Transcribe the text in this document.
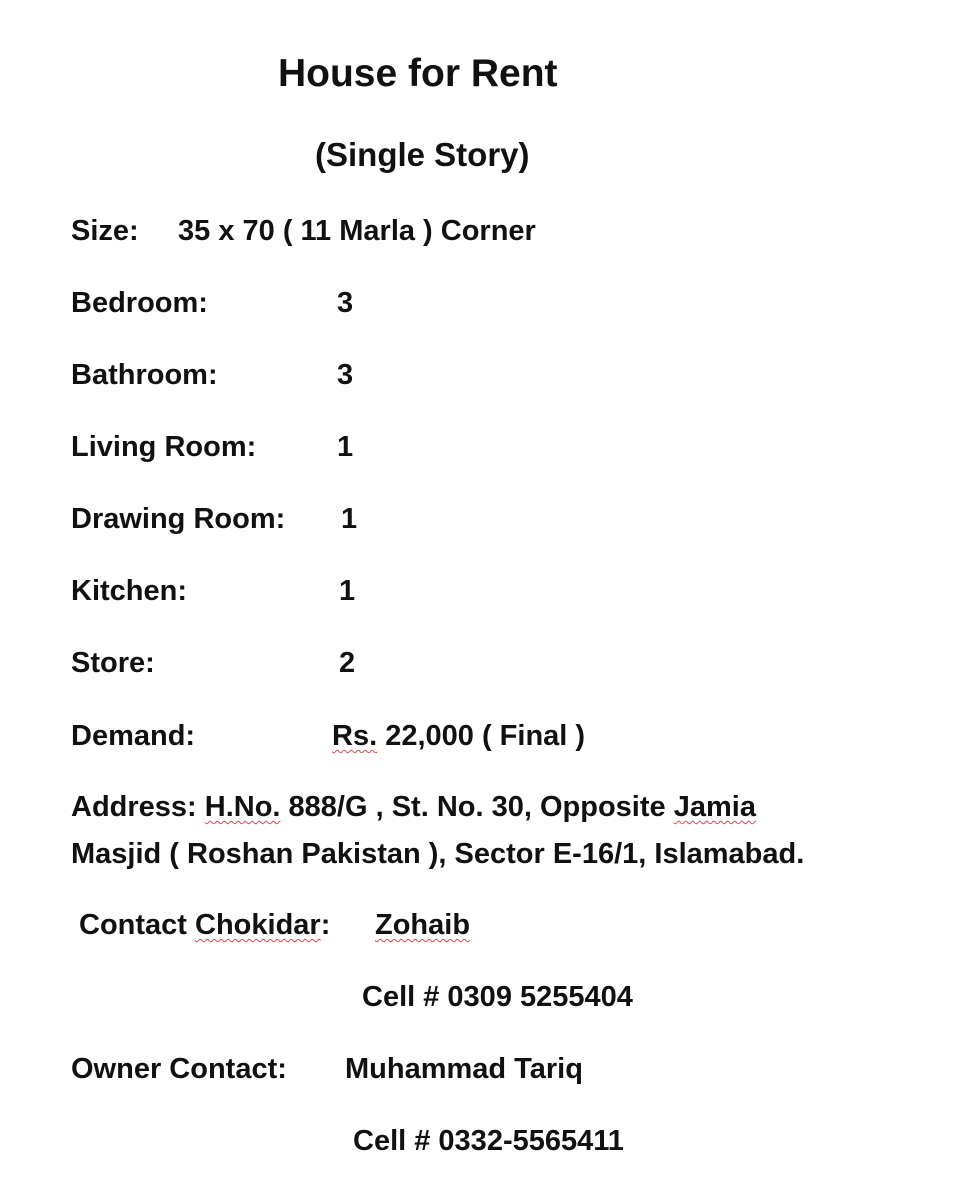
House for Rent
(Single Story)
Size: 35 x 70 ( 11 Marla ) Corner
Bedroom:	3
Bathroom:	3
Living Room:	1
Drawing Room: 1
Kitchen:	1
Store:	2
Demand:	Rs. 22,000 ( Final )
Address: H.No. 888/G , St. No. 30, Opposite Jamia
Masjid ( Roshan Pakistan ), Sector E-16/1, Islamabad.
Contact Chokidar: Zohaib
Cell # 0309 5255404
Owner Contact: Muhammad Tariq
Cell # 0332-5565411
